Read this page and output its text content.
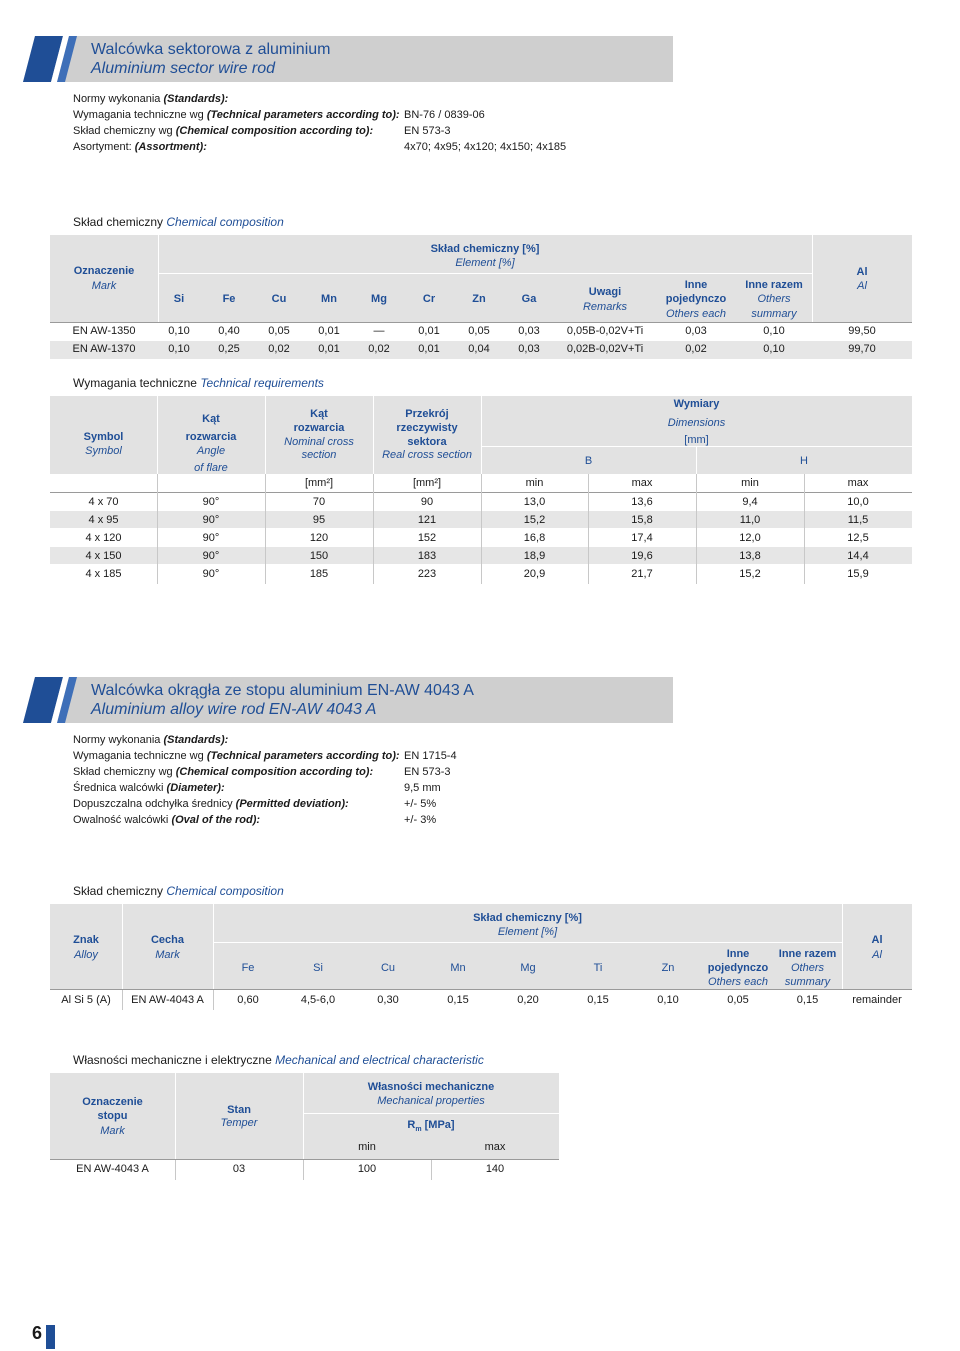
Walcówka sektorowa z aluminium
Aluminium sector wire rod
Normy wykonania (Standards):
Wymagania techniczne wg (Technical parameters according to): BN-76 / 0839-06
Skład chemiczny wg (Chemical composition according to):	EN 573-3
Asortyment: (Assortment):	4x70; 4x95; 4x120; 4x150; 4x185
Skład chemiczny Chemical composition
Oznaczenie
Mark
Skład chemiczny [%]
Element [%]
Si	Fe	Cu	Mn	Mg	Cr	Zn	Ga
Uwagi
Remarks
Inne
pojedynczo
Others each
Inne razem
Others
summary
Al
Al
EN AW-1350	0,10	0,40	0,05	0,01	—	0,01	0,05	0,03	0,05B-0,02V+Ti	0,03	0,10	99,50
EN AW-1370	0,10	0,25	0,02	0,01	0,02	0,01	0,04	0,03	0,02B-0,02V+Ti	0,02	0,10	99,70
Wymagania techniczne Technical requirements
Symbol
Symbol
Kąt
rozwarcia
Angle
of flare
Kąt
rozwarcia
Nominal cross
section
Przekrój
rzeczywisty
sektora
Real cross section
Wymiary
Dimensions
[mm]
B	H
[mm²]	[mm²]	min	max	min	max
4 x 70	90°	70	90	13,0	13,6	9,4	10,0
4 x 95	90°	95	121	15,2	15,8	11,0	11,5
4 x 120	90°	120	152	16,8	17,4	12,0	12,5
4 x 150	90°	150	183	18,9	19,6	13,8	14,4
4 x 185	90°	185	223	20,9	21,7	15,2	15,9
Walcówka okrągła ze stopu aluminium EN-AW 4043 A
Aluminium alloy wire rod EN-AW 4043 A
Normy wykonania (Standards):
Wymagania techniczne wg (Technical parameters according to): EN 1715-4
Skład chemiczny wg (Chemical composition according to):	EN 573-3
Średnica walcówki (Diameter):	9,5 mm
Dopuszczalna odchyłka średnicy (Permitted deviation):	+/- 5%
Owalność walcówki (Oval of the rod):	+/- 3%
Skład chemiczny Chemical composition
Znak
Alloy
Cecha
Mark
Skład chemiczny [%]
Element [%]
Fe	Si	Cu	Mn	Mg	Ti	Zn
Inne
pojedynczo
Others each
Inne razem
Others
summary
Al
Al
Al Si 5 (A)	EN AW-4043 A	0,60	4,5-6,0	0,30	0,15	0,20	0,15	0,10	0,05	0,15	remainder
Własności mechaniczne i elektryczne Mechanical and electrical characteristic
Oznaczenie
stopu
Mark
Stan
Temper
Własności mechaniczne
Mechanical properties
$R_m$ [MPa]
min	max
EN AW-4043 A	03	100	140
6
